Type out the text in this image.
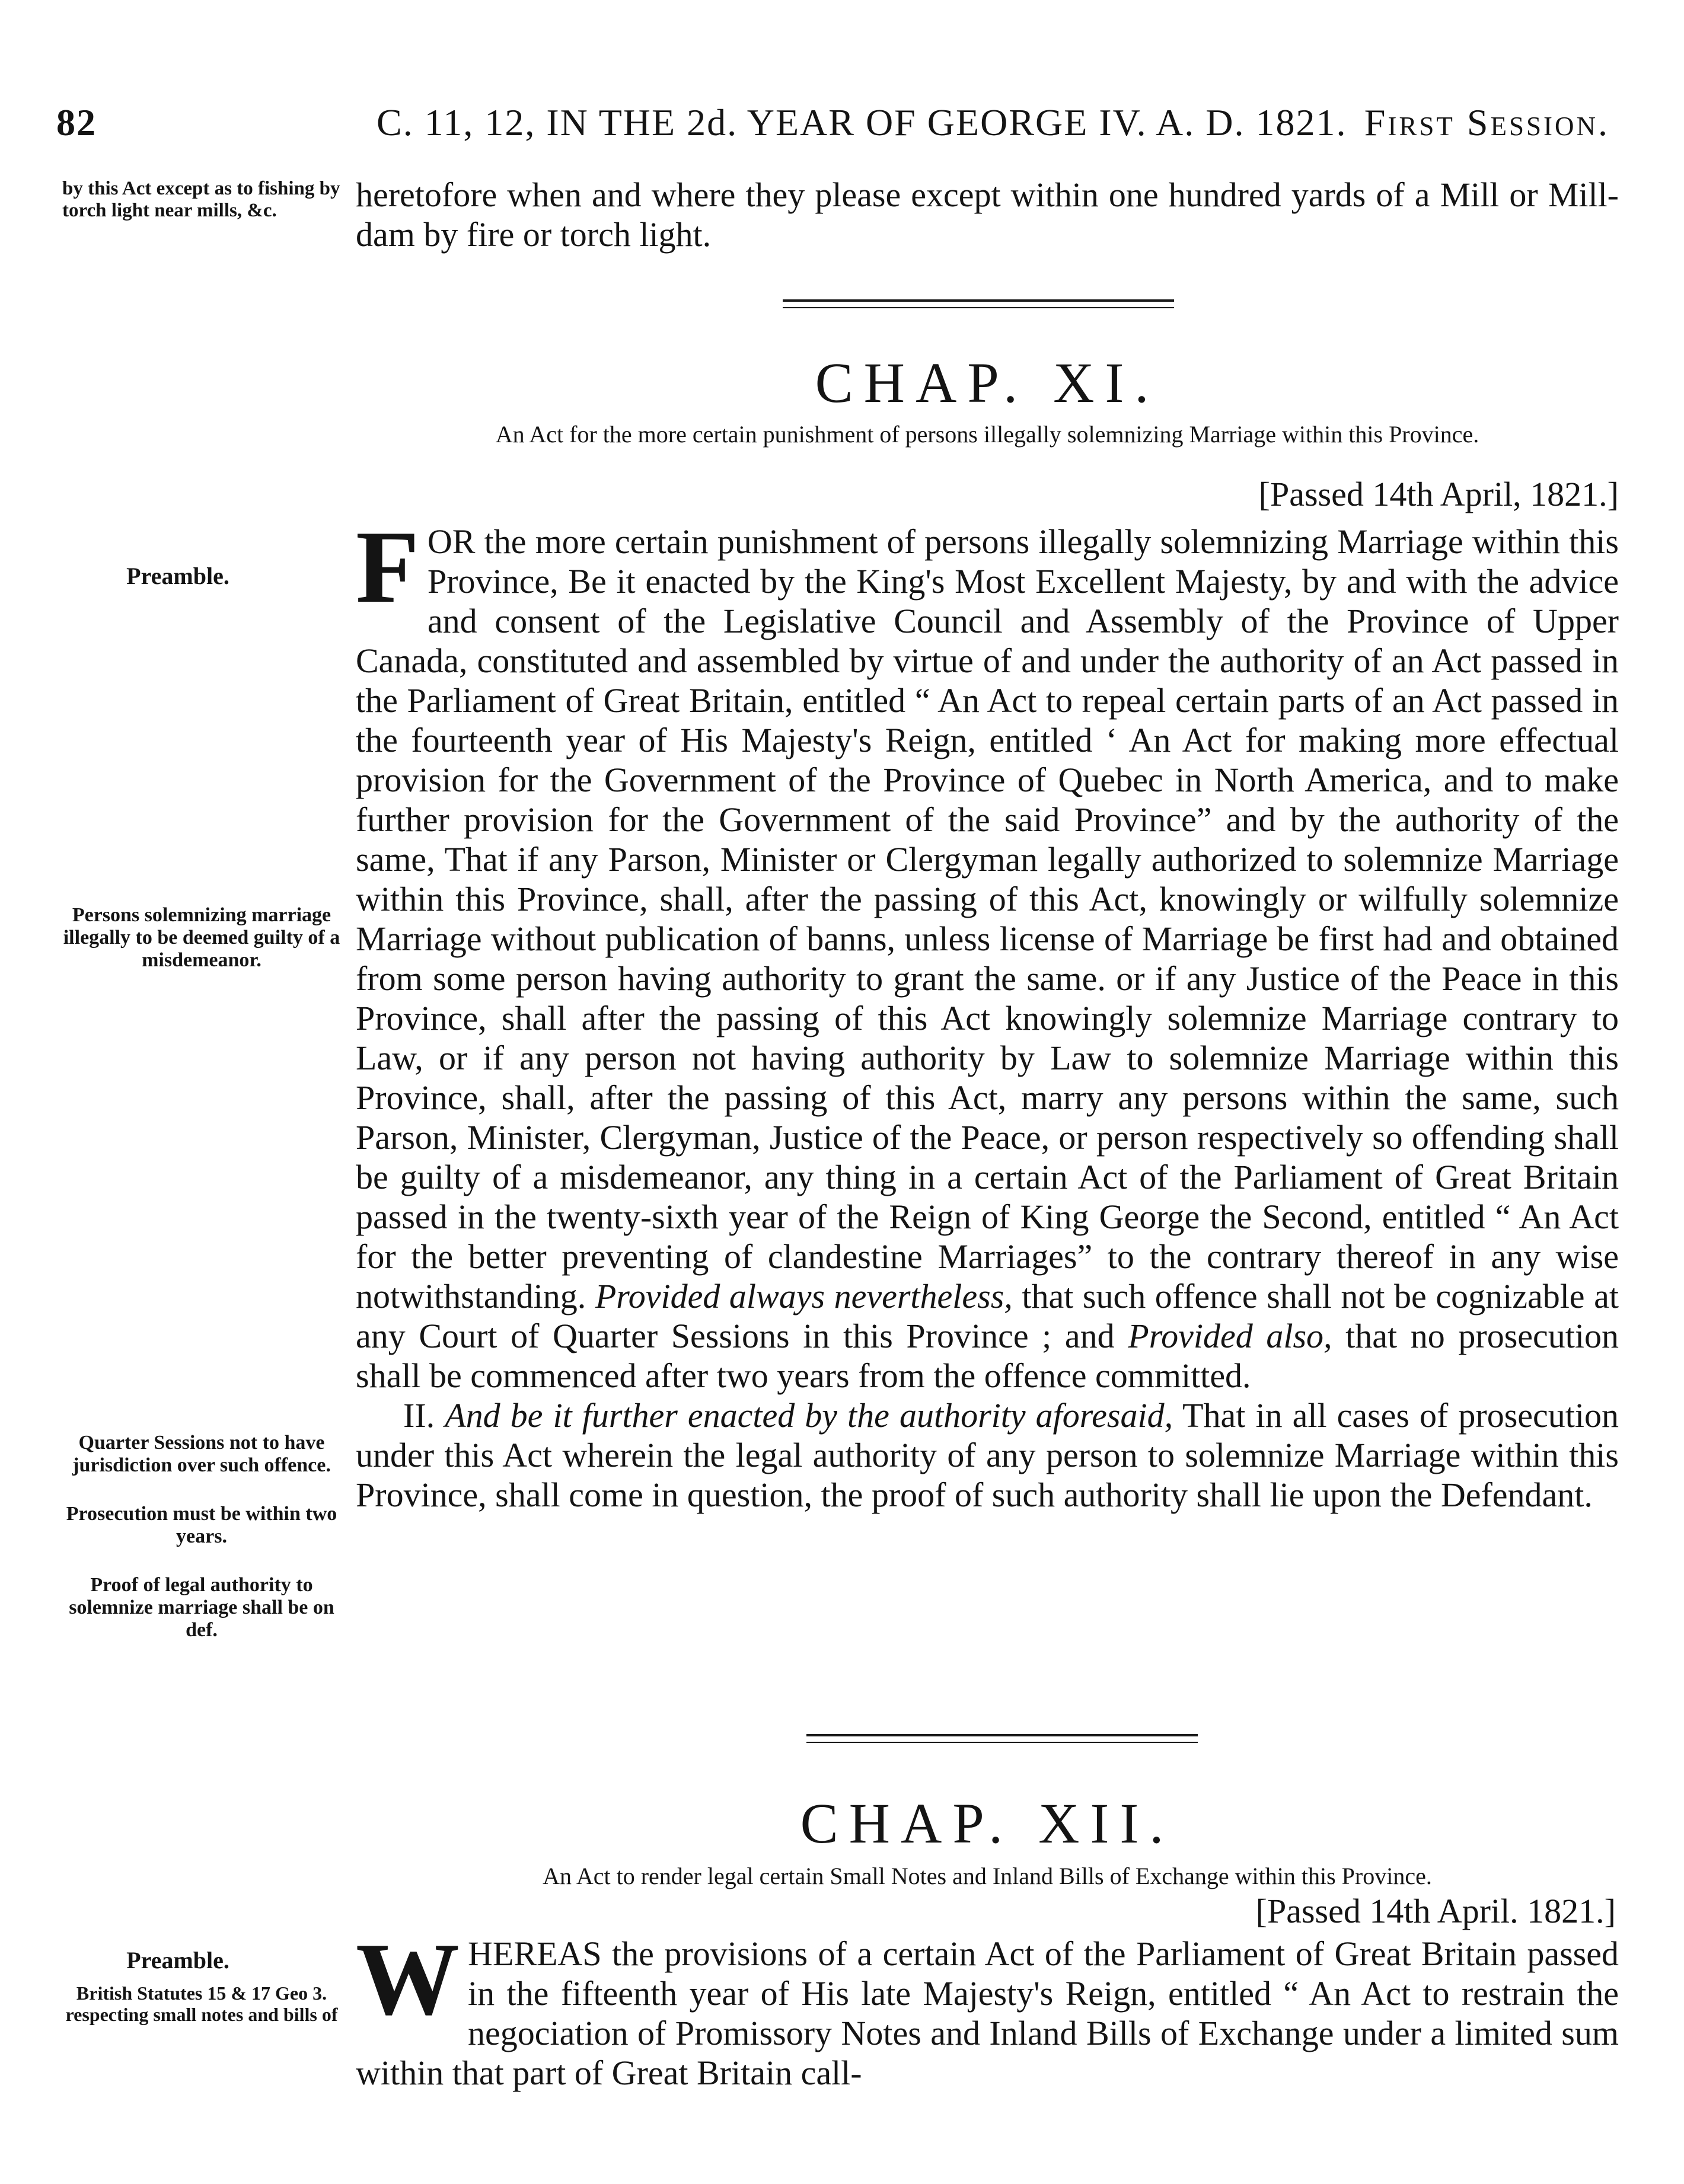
82	C. 11, 12, IN THE 2d. YEAR OF GEORGE IV. A. D. 1821. First Session.
by this Act except as to fishing by torch light near mills, &c.	heretofore when and where they please except within one hundred yards of a Mill or Mill-dam by fire or torch light.

CHAP. XI.
An Act for the more certain punishment of persons illegally solemnizing Marriage within this Province.
[Passed 14th April, 1821.]
Preamble.
Persons solemnizing marriage illegally to be deemed guilty of a misdemeanor.
Quarter Sessions not to have jurisdiction over such offence.
Prosecution must be within two years.
Proof of legal authority to solemnize marriage shall be on def.

FOR the more certain punishment of persons illegally solemnizing Marriage within this Province, Be it enacted by the King's Most Excellent Majesty, by and with the advice and consent of the Legislative Council and Assembly of the Province of Upper Canada, constituted and assembled by virtue of and under the authority of an Act passed in the Parliament of Great Britain, entitled “ An Act to repeal certain parts of an Act passed in the fourteenth year of His Majesty's Reign, entitled ‘ An Act for making more effectual provision for the Government of the Province of Quebec in North America, and to make further provision for the Government of the said Province” and by the authority of the same, That if any Parson, Minister or Clergyman legally authorized to solemnize Marriage within this Province, shall, after the passing of this Act, knowingly or wilfully solemnize Marriage without publication of banns, unless license of Marriage be first had and obtained from some person having authority to grant the same. or if any Justice of the Peace in this Province, shall after the passing of this Act knowingly solemnize Marriage contrary to Law, or if any person not having authority by Law to solemnize Marriage within this Province, shall, after the passing of this Act, marry any persons within the same, such Parson, Minister, Clergyman, Justice of the Peace, or person respectively so offending shall be guilty of a misdemeanor, any thing in a certain Act of the Parliament of Great Britain passed in the twenty-sixth year of the Reign of King George the Second, entitled “ An Act for the better preventing of clandestine Marriages” to the contrary thereof in any wise notwithstanding. Provided always nevertheless, that such offence shall not be cognizable at any Court of Quarter Sessions in this Province ; and Provided also, that no prosecution shall be commenced after two years from the offence committed.

II. And be it further enacted by the authority aforesaid, That in all cases of prosecution under this Act wherein the legal authority of any person to solemnize Marriage within this Province, shall come in question, the proof of such authority shall lie upon the Defendant.

CHAP. XII.
An Act to render legal certain Small Notes and Inland Bills of Exchange within this Province.
[Passed 14th April. 1821.]
Preamble.
British Statutes 15 & 17 Geo 3. respecting small notes and bills of WHEREAS the provisions of a certain Act of the Parliament of Great Britain passed in the fifteenth year of His late Majesty's Reign, entitled “ An Act to restrain the negociation of Promissory Notes and Inland Bills of Exchange under a limited sum within that part of Great Britain call-
